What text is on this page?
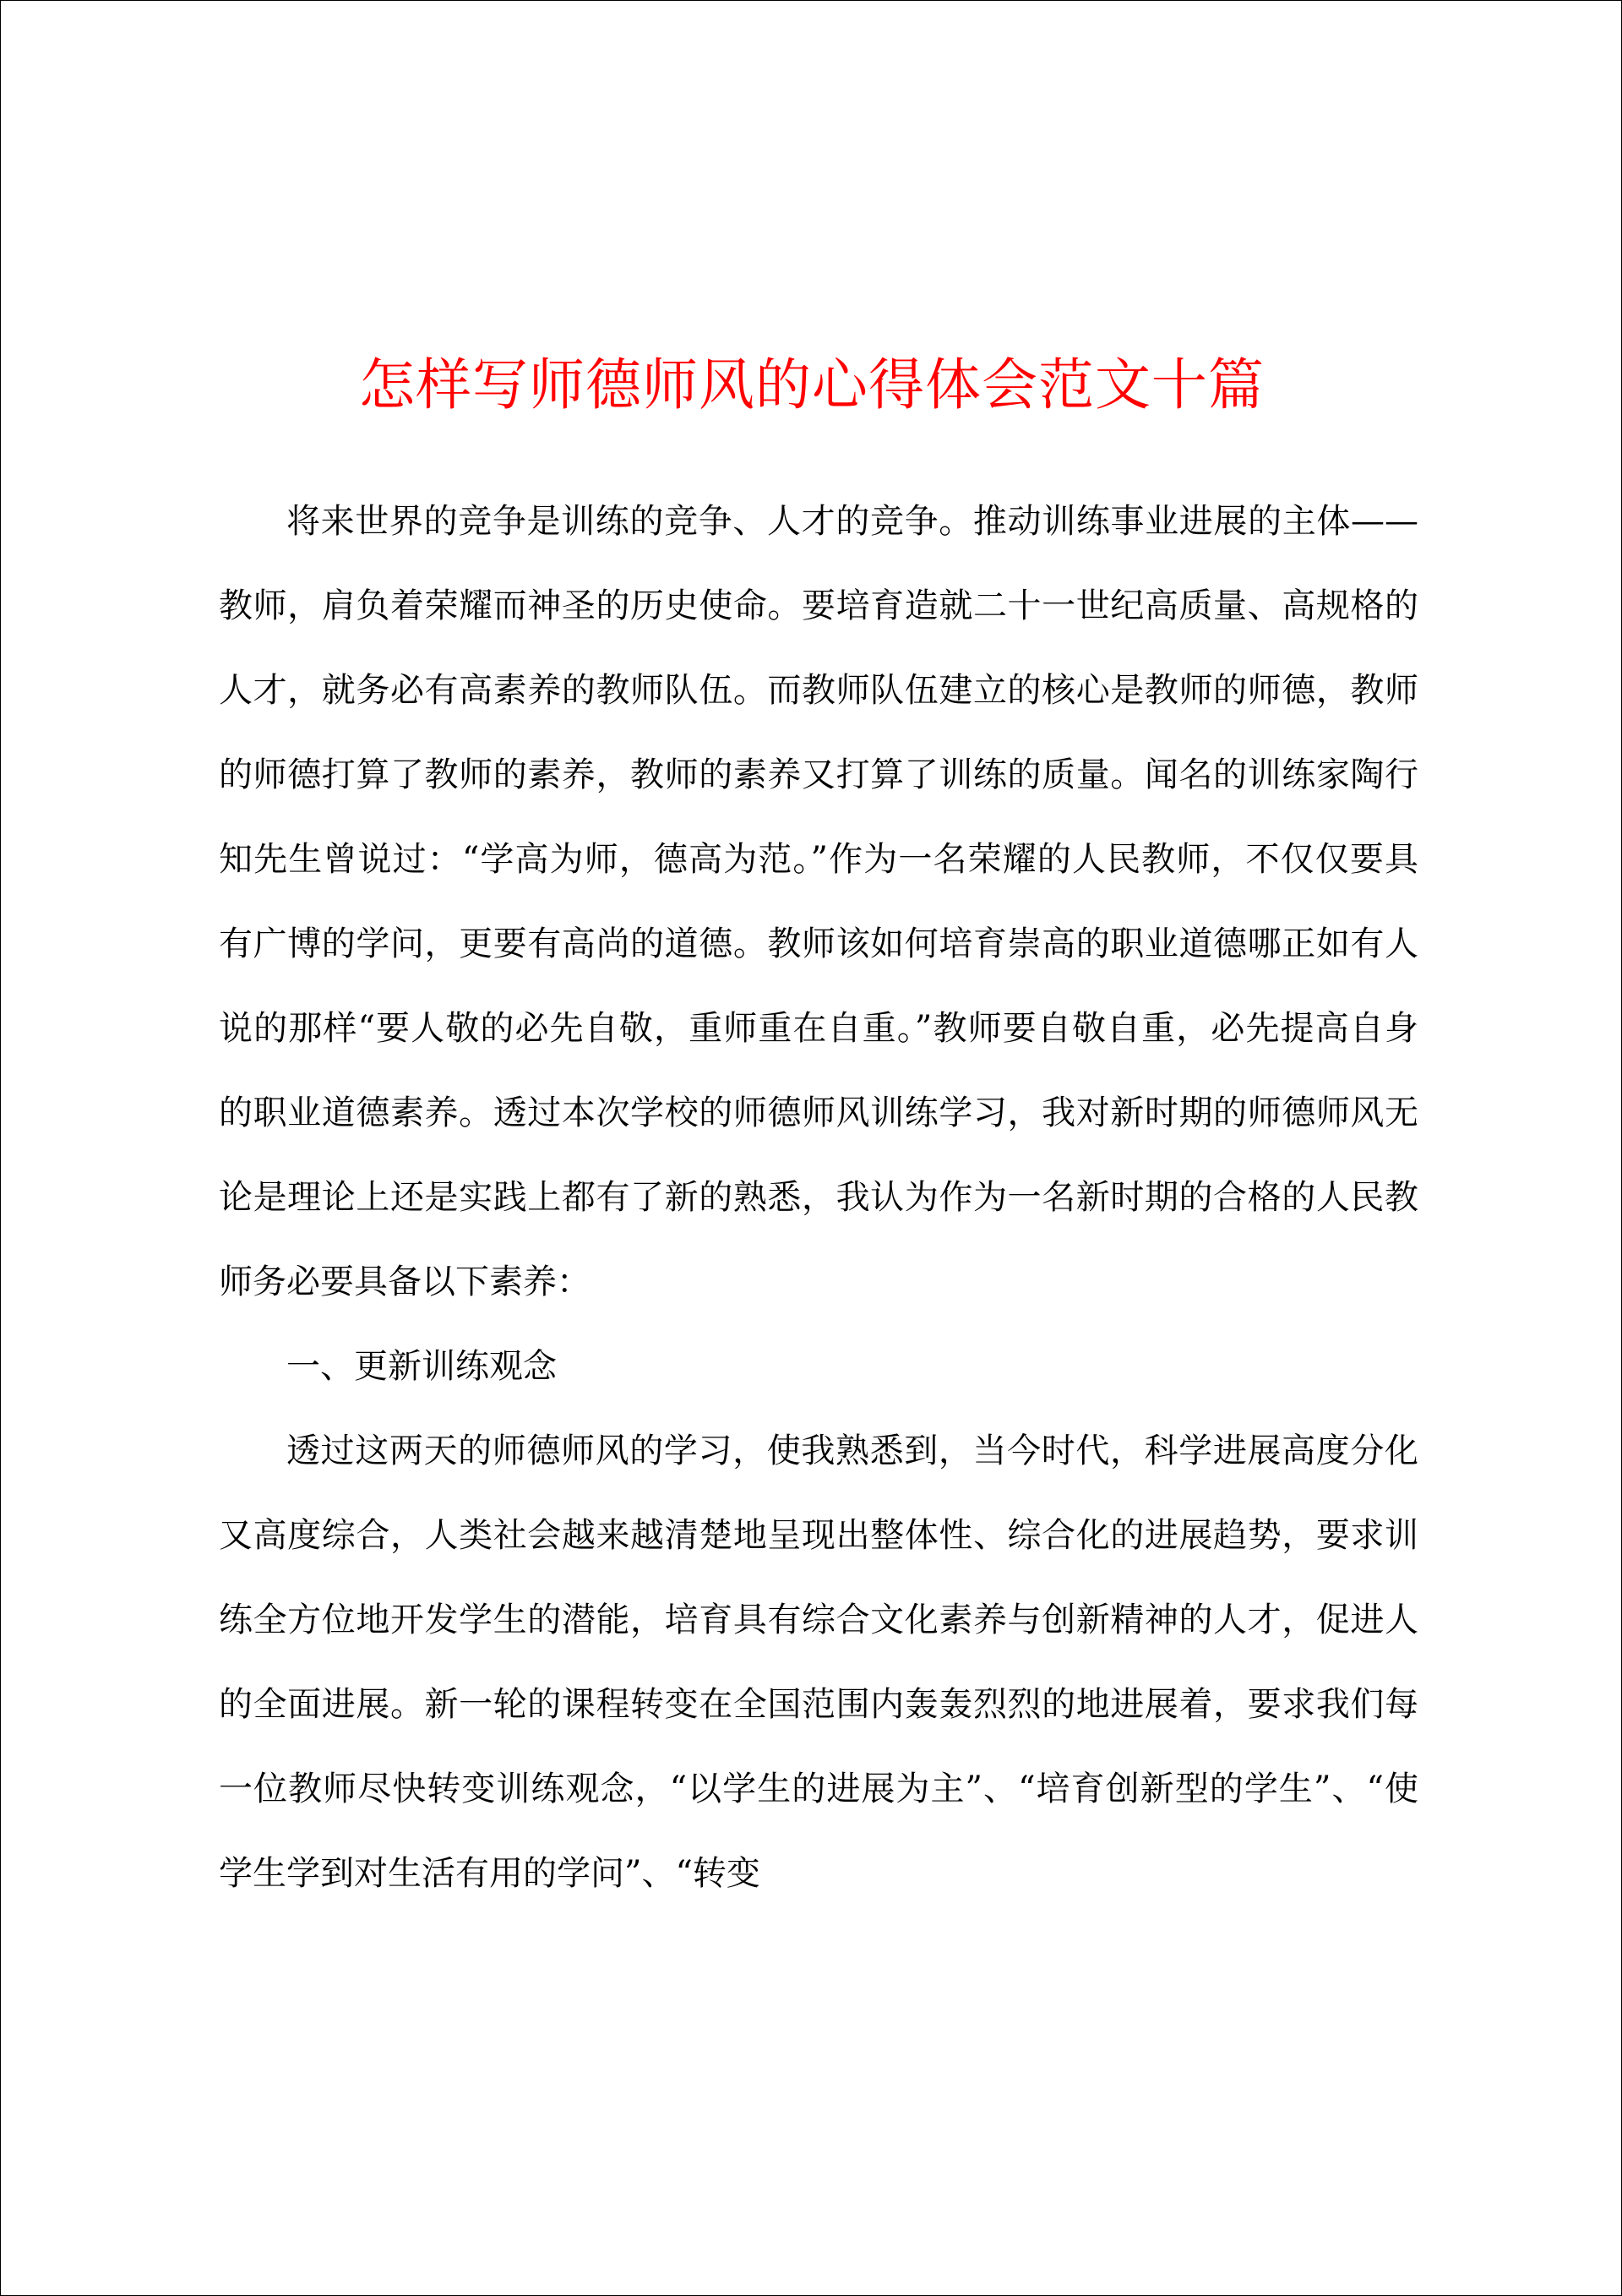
怎样写师德师风的心得体会范文十篇

将来世界的竞争是训练的竞争、人才的竞争。推动训练事业进展的主体——教师，肩负着荣耀而神圣的历史使命。要培育造就二十一世纪高质量、高规格的人才，就务必有高素养的教师队伍。而教师队伍建立的核心是教师的师德，教师的师德打算了教师的素养，教师的素养又打算了训练的质量。闻名的训练家陶行知先生曾说过：“学高为师，德高为范。”作为一名荣耀的人民教师，不仅仅要具有广博的学问，更要有高尚的道德。教师该如何培育崇高的职业道德哪正如有人说的那样“要人敬的必先自敬，重师重在自重。”教师要自敬自重，必先提高自身的职业道德素养。透过本次学校的师德师风训练学习，我对新时期的师德师风无论是理论上还是实践上都有了新的熟悉，我认为作为一名新时期的合格的人民教师务必要具备以下素养：

一、更新训练观念

透过这两天的师德师风的学习，使我熟悉到，当今时代，科学进展高度分化又高度综合，人类社会越来越清楚地呈现出整体性、综合化的进展趋势，要求训练全方位地开发学生的潜能，培育具有综合文化素养与创新精神的人才，促进人的全面进展。新一轮的课程转变在全国范围内轰轰烈烈的地进展着，要求我们每一位教师尽快转变训练观念，“以学生的进展为主”、“培育创新型的学生”、“使学生学到对生活有用的学问”、“转变
